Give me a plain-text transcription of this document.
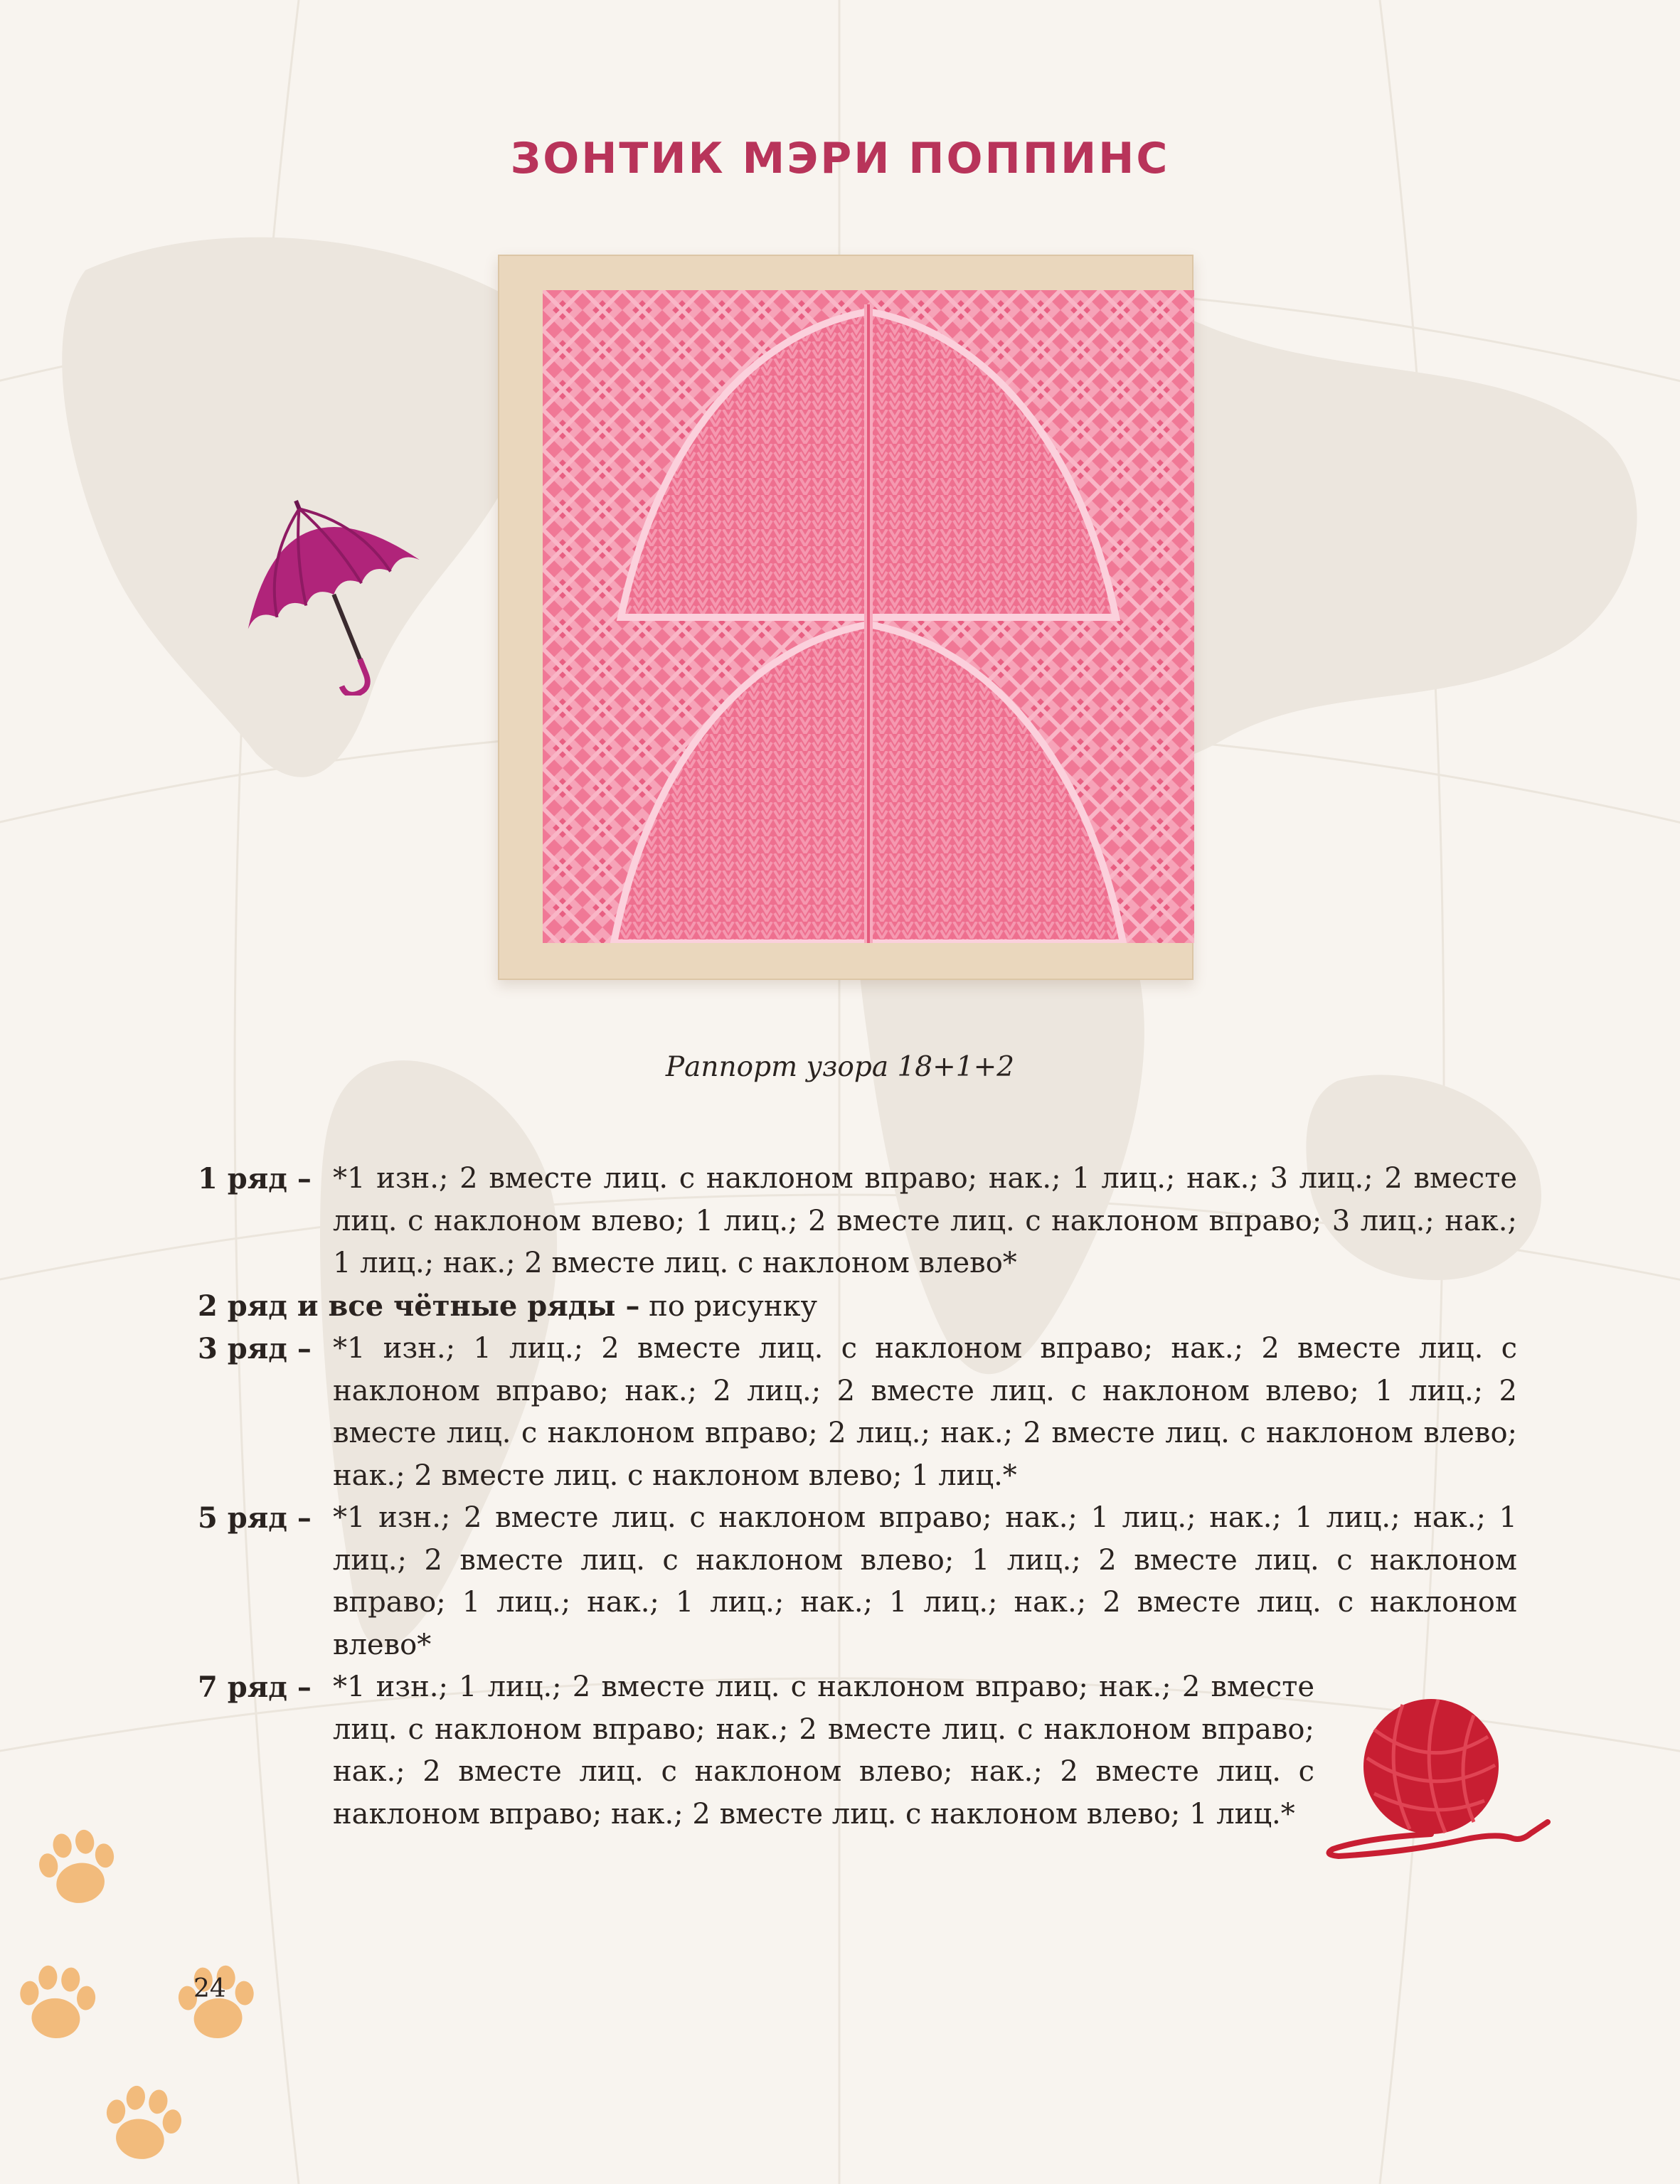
ЗОНТИК МЭРИ ПОППИНС
Раппорт узора 18+1+2
1 ряд – *1 изн.; 2 вместе лиц. с наклоном вправо; нак.; 1 лиц.; нак.; 3 лиц.; 2 вместе лиц. с наклоном влево; 1 лиц.; 2 вместе лиц. с наклоном вправо; 3 лиц.; нак.; 1 лиц.; нак.; 2 вместе лиц. с наклоном влево*
2 ряд и все чётные ряды – по рисунку
3 ряд – *1 изн.; 1 лиц.; 2 вместе лиц. с наклоном вправо; нак.; 2 вместе лиц. с наклоном вправо; нак.; 2 лиц.; 2 вместе лиц. с наклоном влево; 1 лиц.; 2 вместе лиц. с наклоном вправо; 2 лиц.; нак.; 2 вместе лиц. с наклоном влево; нак.; 2 вместе лиц. с наклоном влево; 1 лиц.*
5 ряд – *1 изн.; 2 вместе лиц. с наклоном вправо; нак.; 1 лиц.; нак.; 1 лиц.; нак.; 1 лиц.; 2 вместе лиц. с наклоном влево; 1 лиц.; 2 вместе лиц. с наклоном вправо; 1 лиц.; нак.; 1 лиц.; нак.; 1 лиц.; нак.; 2 вместе лиц. с наклоном влево*
7 ряд – *1 изн.; 1 лиц.; 2 вместе лиц. с наклоном вправо; нак.; 2 вместе лиц. с наклоном вправо; нак.; 2 вместе лиц. с наклоном вправо; нак.; 2 вместе лиц. с наклоном влево; нак.; 2 вместе лиц. с наклоном вправо; нак.; 2 вместе лиц. с наклоном влево; 1 лиц.*
24
